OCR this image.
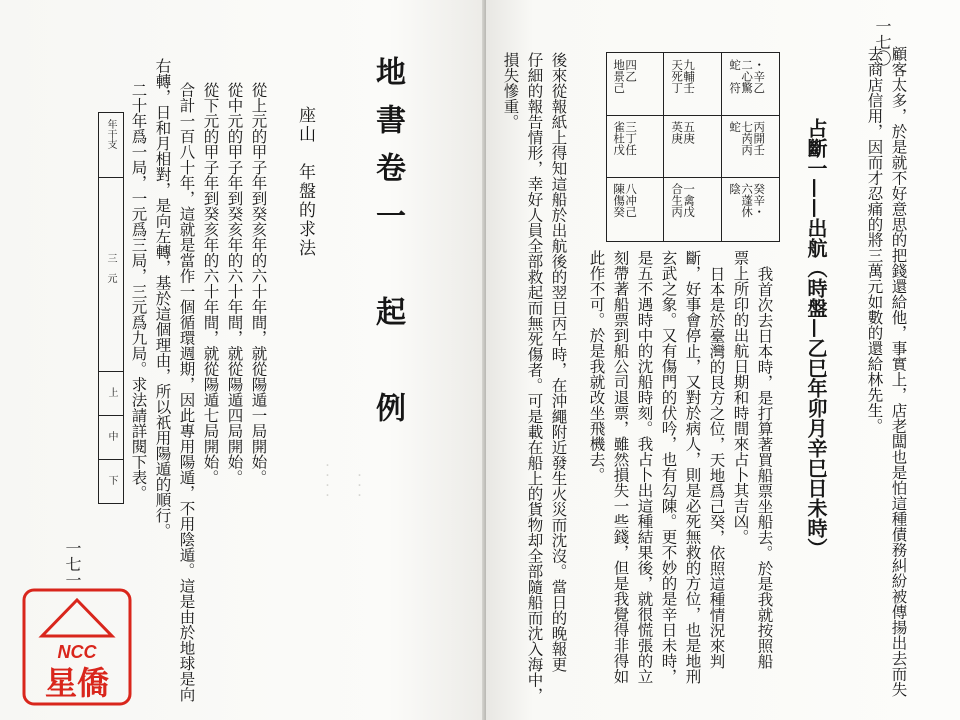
地書卷一　起　例
座山　年盤的求法
從上元的甲子年到癸亥年的六十年間，就從陽遁一局開始。
從中元的甲子年到癸亥年的六十年間，就從陽遁四局開始。
從下元的甲子年到癸亥年的六十年間，就從陽遁七局開始。
合計一百八十年，這就是當作一個循環週期，因此專用陽遁，不用陰遁。這是由於地球是向
右轉，日和月相對，是向左轉，基於這個理由，所以祇用陽遁的順行。
二十年爲一局，一元爲三局，三元爲九局。求法請詳閱下表。
年干支
三　元
上
中
下	・・・・ ・・・
一七一
NCC
星僑
一七〇
顧客太多，於是就不好意思的把錢還給他，事實上，店老闆也是怕這種債務糾紛被傳揚出去而失
去商店信用，因而才忍痛的將三萬元如數的還給林先生。
占斷一——出航（時盤—乙巳年卯月辛巳日未時）
・辛乙
二心驚
蛇　符
九輔壬
天死丁
四乙
地景己
丙開壬
七芮丙
蛇　　
五庚
英庚
三丁任
雀杜戊
癸辛・
六蓬休
陰　　
一禽戊
合生丙
八冲己
陳傷癸
我首次去日本時，是打算著買船票坐船去。於是我就按照船
票上所印的出航日期和時間來占卜其吉凶。
日本是於臺灣的艮方之位，天地爲己癸，依照這種情況來判
斷，好事會停止，又對於病人，則是必死無救的方位，也是地刑
玄武之象。又有傷門的伏吟，也有勾陳。更不妙的是辛日未時，
是五不遇時中的沈船時刻。我占卜出這種結果後，就很慌張的立
刻帶著船票到船公司退票，雖然損失一些錢，但是我覺得非得如
此作不可。於是我就改坐飛機去。
後來從報紙上得知這船於出航後的翌日丙午時，在沖繩附近發生火災而沈沒。當日的晚報更
仔細的報告情形，幸好人員全部救起而無死傷者。可是載在船上的貨物却全部隨船而沈入海中，
損失慘重。
